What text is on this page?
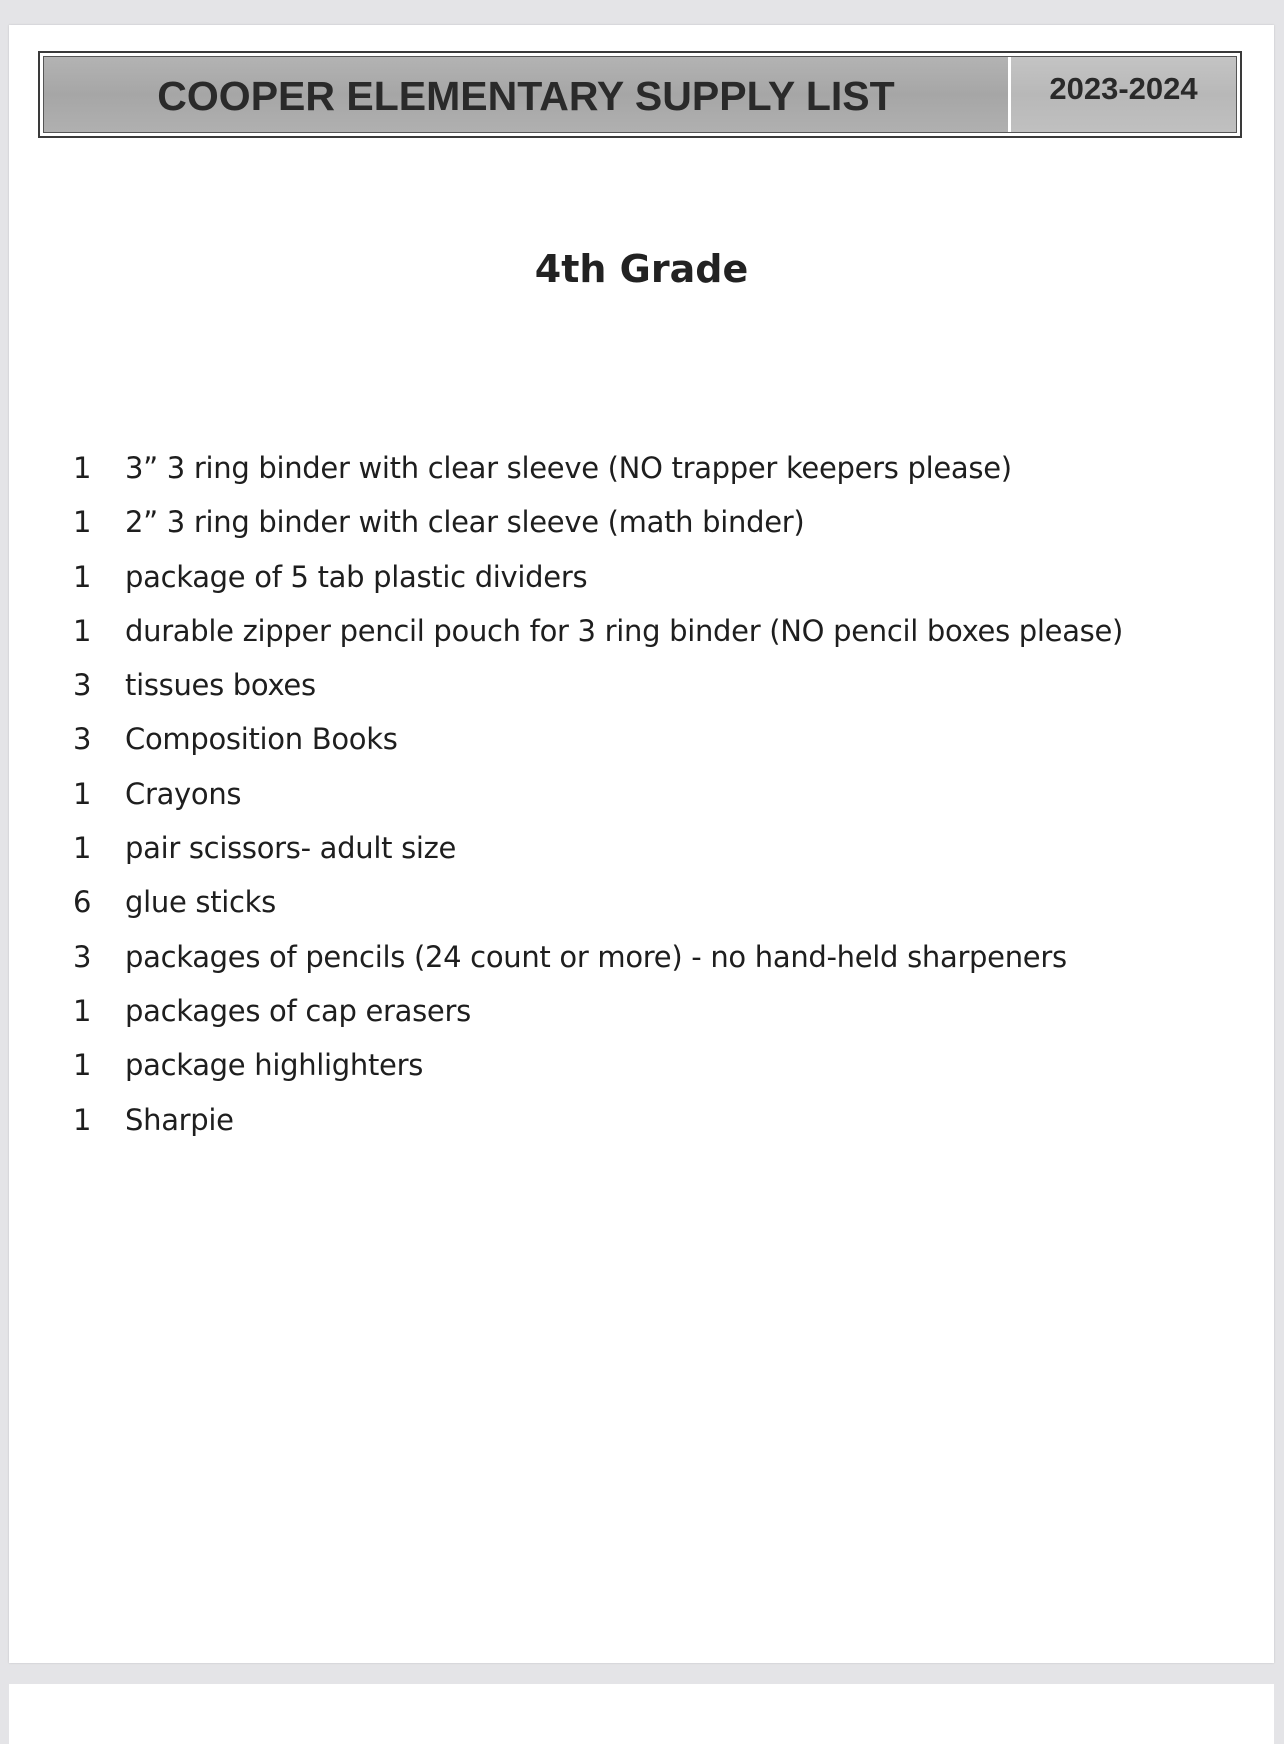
COOPER ELEMENTARY SUPPLY LIST	2023-2024
4th Grade
1	3” 3 ring binder with clear sleeve (NO trapper keepers please)
1	2” 3 ring binder with clear sleeve (math binder)
1	package of 5 tab plastic dividers
1	durable zipper pencil pouch for 3 ring binder (NO pencil boxes please)
3	tissues boxes
3	Composition Books
1	Crayons
1	pair scissors- adult size
6	glue sticks
3	packages of pencils (24 count or more) - no hand-held sharpeners
1	packages of cap erasers
1	package highlighters
1	Sharpie
